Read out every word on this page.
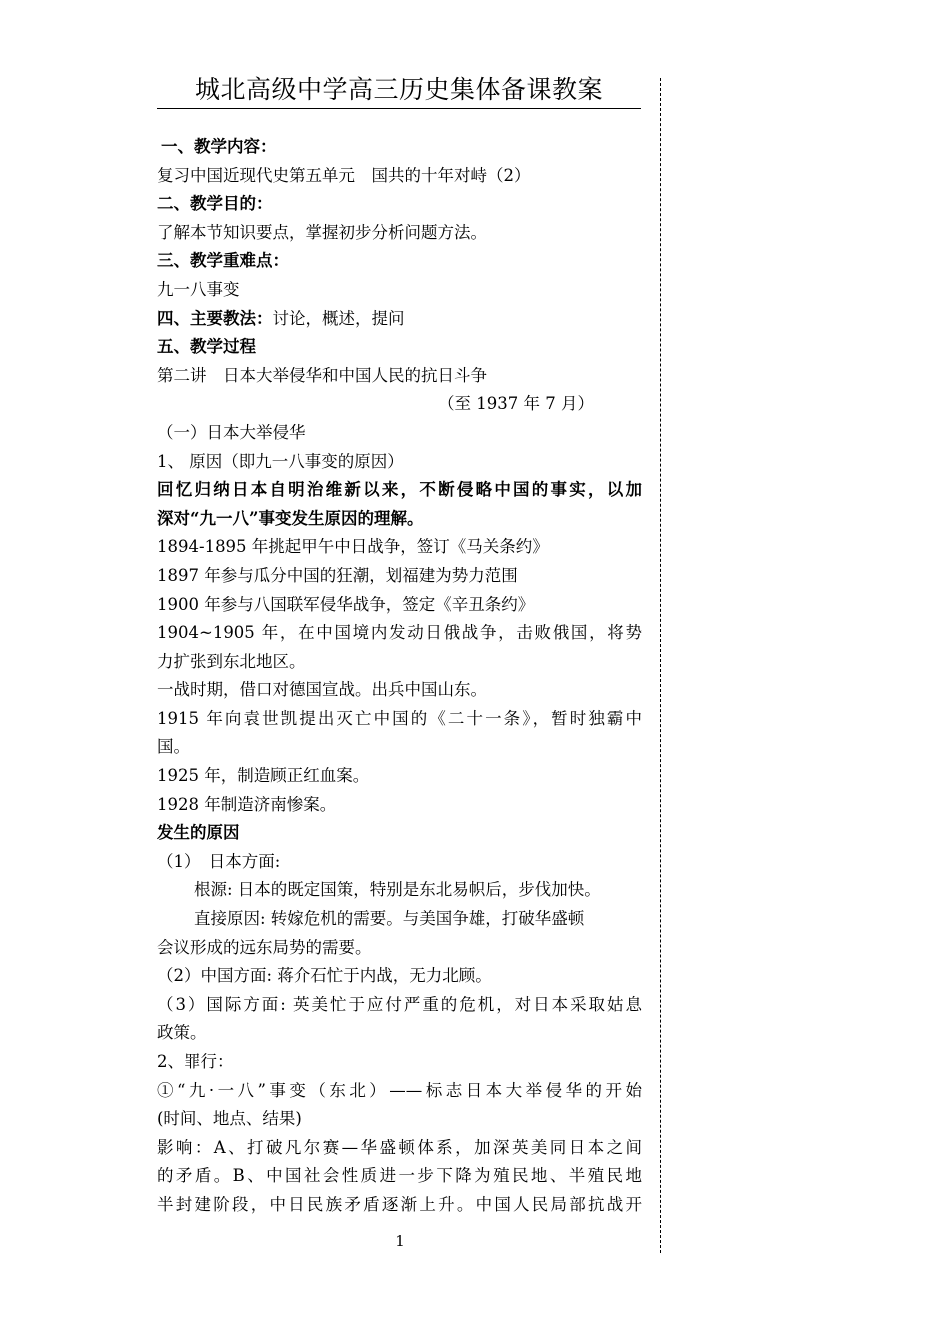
城北高级中学高三历史集体备课教案
一、教学内容：
复习中国近现代史第五单元　国共的十年对峙（2）
二、教学目的：
了解本节知识要点，掌握初步分析问题方法。
三、教学重难点：
九一八事变
四、主要教法：讨论，概述，提问
五、教学过程
第二讲　日本大举侵华和中国人民的抗日斗争
（至 1937 年 7 月）
（一）日本大举侵华
1、 原因（即九一八事变的原因）
回忆归纳日本自明治维新以来，不断侵略中国的事实，以加
深对“九一八”事变发生原因的理解。
1894-1895 年挑起甲午中日战争，签订《马关条约》
1897 年参与瓜分中国的狂潮，划福建为势力范围
1900 年参与八国联军侵华战争，签定《辛丑条约》
1904~1905 年，在中国境内发动日俄战争，击败俄国，将势
力扩张到东北地区。
一战时期，借口对德国宣战。出兵中国山东。
1915 年向袁世凯提出灭亡中国的《二十一条》，暂时独霸中
国。
1925 年，制造顾正红血案。
1928 年制造济南惨案。
发生的原因
（1）　日本方面:
根源: 日本的既定国策，特别是东北易帜后，步伐加快。
直接原因: 转嫁危机的需要。与美国争雄，打破华盛顿
会议形成的远东局势的需要。
（2）中国方面: 蒋介石忙于内战，无力北顾。
（3）国际方面: 英美忙于应付严重的危机，对日本采取姑息
政策。
2、罪行：
①“九·一八”事变（东北）——标志日本大举侵华的开始
(时间、地点、结果)
影响：A、打破凡尔赛—华盛顿体系，加深英美同日本之间
的矛盾。B、中国社会性质进一步下降为殖民地、半殖民地
半封建阶段，中日民族矛盾逐渐上升。中国人民局部抗战开
1
